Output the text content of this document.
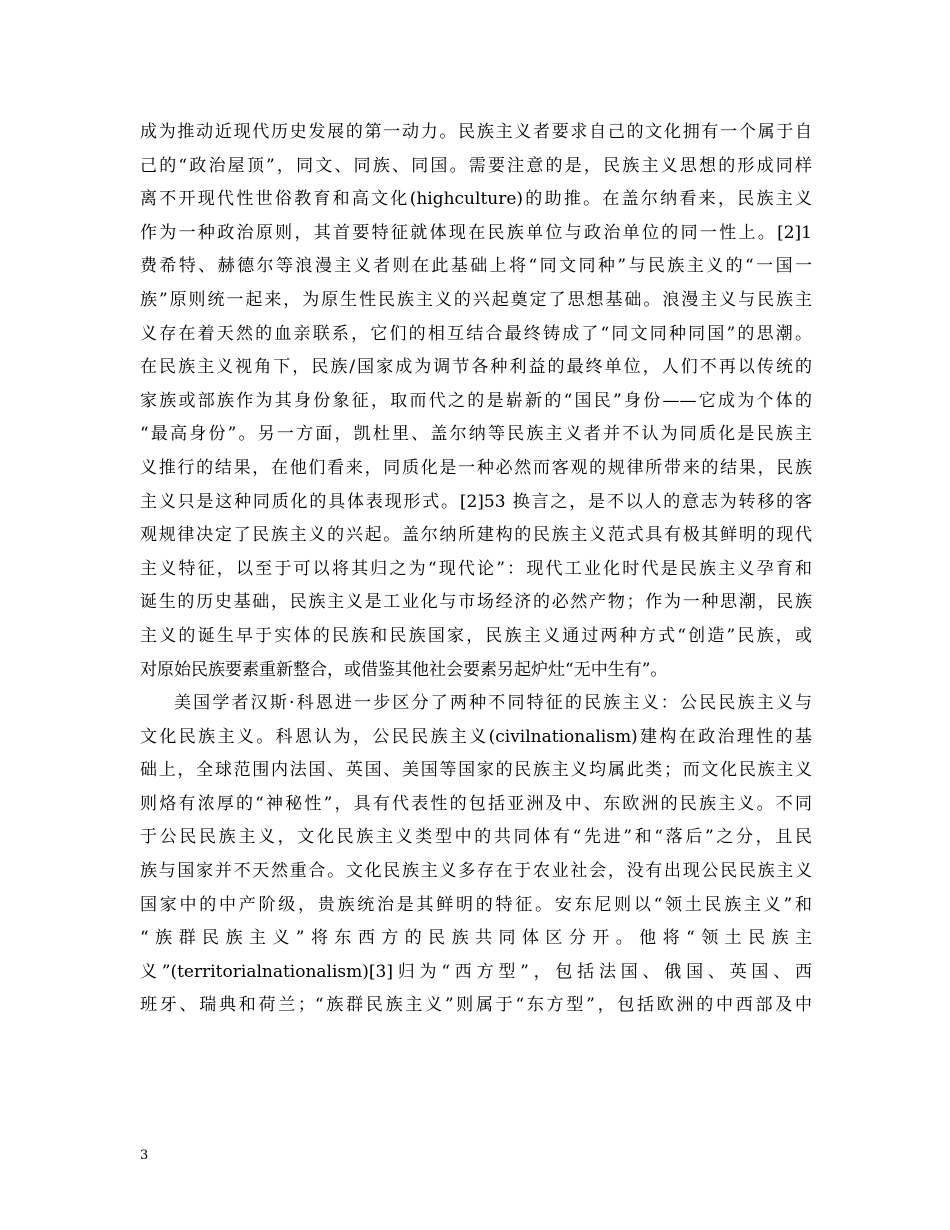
成为推动近现代历史发展的第一动力。民族主义者要求自己的文化拥有一个属于自
己的“政治屋顶”，同文、同族、同国。需要注意的是，民族主义思想的形成同样
离不开现代性世俗教育和高文化(highculture)的助推。在盖尔纳看来，民族主义
作为一种政治原则，其首要特征就体现在民族单位与政治单位的同一性上。[2]1
费希特、赫德尔等浪漫主义者则在此基础上将“同文同种”与民族主义的“一国一
族”原则统一起来，为原生性民族主义的兴起奠定了思想基础。浪漫主义与民族主
义存在着天然的血亲联系，它们的相互结合最终铸成了“同文同种同国”的思潮。
在民族主义视角下，民族/国家成为调节各种利益的最终单位，人们不再以传统的
家族或部族作为其身份象征，取而代之的是崭新的“国民”身份——它成为个体的
“最高身份”。另一方面，凯杜里、盖尔纳等民族主义者并不认为同质化是民族主
义推行的结果，在他们看来，同质化是一种必然而客观的规律所带来的结果，民族
主义只是这种同质化的具体表现形式。[2]53 换言之，是不以人的意志为转移的客
观规律决定了民族主义的兴起。盖尔纳所建构的民族主义范式具有极其鲜明的现代
主义特征，以至于可以将其归之为“现代论”：现代工业化时代是民族主义孕育和
诞生的历史基础，民族主义是工业化与市场经济的必然产物；作为一种思潮，民族
主义的诞生早于实体的民族和民族国家，民族主义通过两种方式“创造”民族，或
对原始民族要素重新整合，或借鉴其他社会要素另起炉灶“无中生有”。
美国学者汉斯·科恩进一步区分了两种不同特征的民族主义：公民民族主义与
文化民族主义。科恩认为，公民民族主义(civilnationalism)建构在政治理性的基
础上，全球范围内法国、英国、美国等国家的民族主义均属此类；而文化民族主义
则烙有浓厚的“神秘性”，具有代表性的包括亚洲及中、东欧洲的民族主义。不同
于公民民族主义，文化民族主义类型中的共同体有“先进”和“落后”之分，且民
族与国家并不天然重合。文化民族主义多存在于农业社会，没有出现公民民族主义
国家中的中产阶级，贵族统治是其鲜明的特征。安东尼则以“领土民族主义”和
“族群民族主义”将东西方的民族共同体区分开。他将“领土民族主
义”(territorialnationalism)[3]归为“西方型”，包括法国、俄国、英国、西
班牙、瑞典和荷兰；“族群民族主义”则属于“东方型”，包括欧洲的中西部及中
3
